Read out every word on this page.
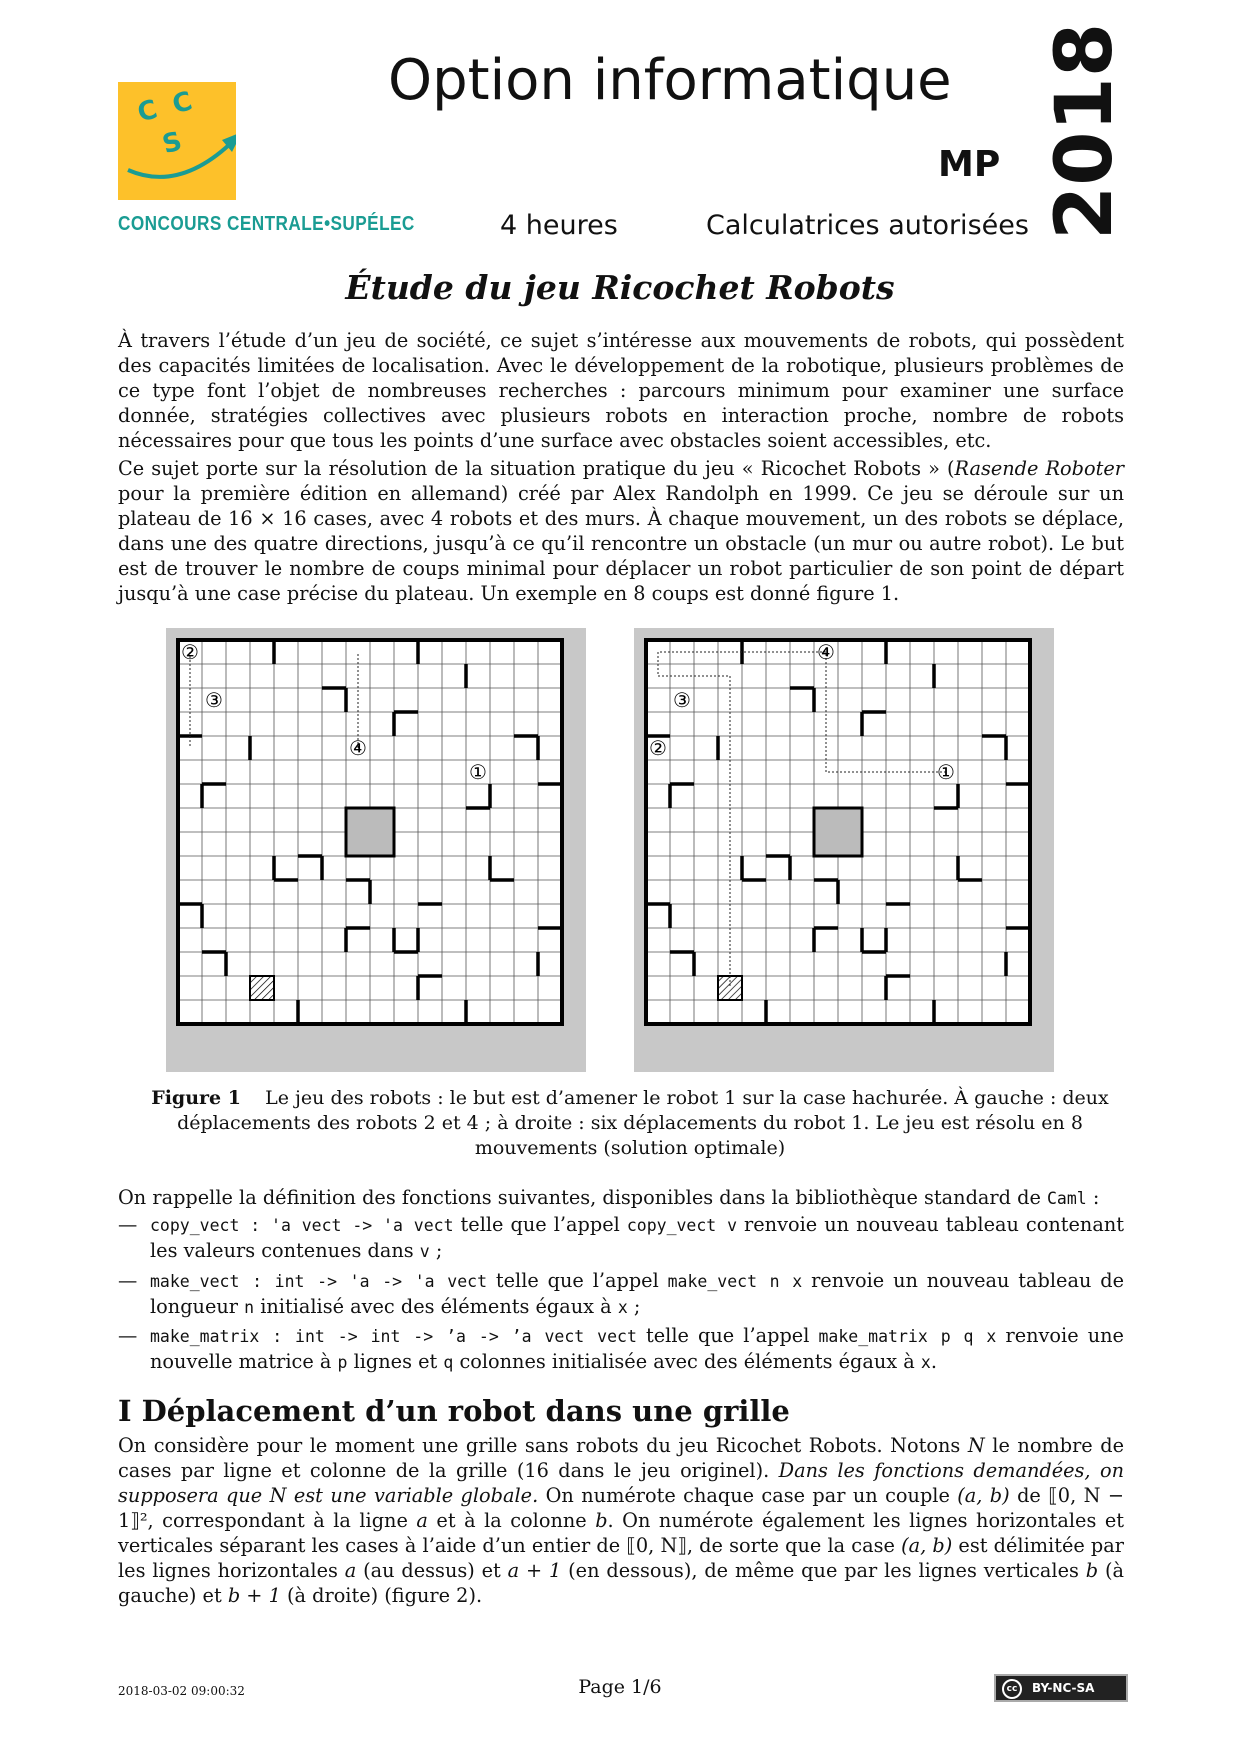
C C
S
CONCOURS CENTRALE•SUPÉLEC
Option informatique
MP 2018
4 heures	Calculatrices autorisées
Étude du jeu Ricochet Robots
À travers l’étude d’un jeu de société, ce sujet s’intéresse aux mouvements de robots, qui possèdent des capacités limitées de localisation. Avec le développement de la robotique, plusieurs problèmes de ce type font l’objet de nombreuses recherches : parcours minimum pour examiner une surface donnée, stratégies collectives avec plusieurs robots en interaction proche, nombre de robots nécessaires pour que tous les points d’une surface avec obstacles soient accessibles, etc.
Ce sujet porte sur la résolution de la situation pratique du jeu « Ricochet Robots » (Rasende Roboter pour la première édition en allemand) créé par Alex Randolph en 1999. Ce jeu se déroule sur un plateau de 16 × 16 cases, avec 4 robots et des murs. À chaque mouvement, un des robots se déplace, dans une des quatre directions, jusqu’à ce qu’il rencontre un obstacle (un mur ou autre robot). Le but est de trouver le nombre de coups minimal pour déplacer un robot particulier de son point de départ jusqu’à une case précise du plateau. Un exemple en 8 coups est donné figure 1.
②
③
④
①
②
③
④
①
Figure 1 Le jeu des robots : le but est d’amener le robot 1 sur la case hachurée. À gauche : deux déplacements des robots 2 et 4 ; à droite : six déplacements du robot 1. Le jeu est résolu en 8 mouvements (solution optimale)
On rappelle la définition des fonctions suivantes, disponibles dans la bibliothèque standard de Caml :
— copy_vect : 'a vect -> 'a vect telle que l’appel copy_vect v renvoie un nouveau tableau contenant les valeurs contenues dans v ;
— make_vect : int -> 'a -> 'a vect telle que l’appel make_vect n x renvoie un nouveau tableau de longueur n initialisé avec des éléments égaux à x ;
— make_matrix : int -> int -> ’a -> ’a vect vect telle que l’appel make_matrix p q x renvoie une nouvelle matrice à p lignes et q colonnes initialisée avec des éléments égaux à x.
I Déplacement d’un robot dans une grille
On considère pour le moment une grille sans robots du jeu Ricochet Robots. Notons N le nombre de cases par ligne et colonne de la grille (16 dans le jeu originel). Dans les fonctions demandées, on supposera que N est une variable globale. On numérote chaque case par un couple (a, b) de ⟦0, N − 1⟧², correspondant à la ligne a et à la colonne b. On numérote également les lignes horizontales et verticales séparant les cases à l’aide d’un entier de ⟦0, N⟧, de sorte que la case (a, b) est délimitée par les lignes horizontales a (au dessus) et a + 1 (en dessous), de même que par les lignes verticales b (à gauche) et b + 1 (à droite) (figure 2).
2018-03-02 09:00:32	Page 1/6	cc BY-NC-SA
